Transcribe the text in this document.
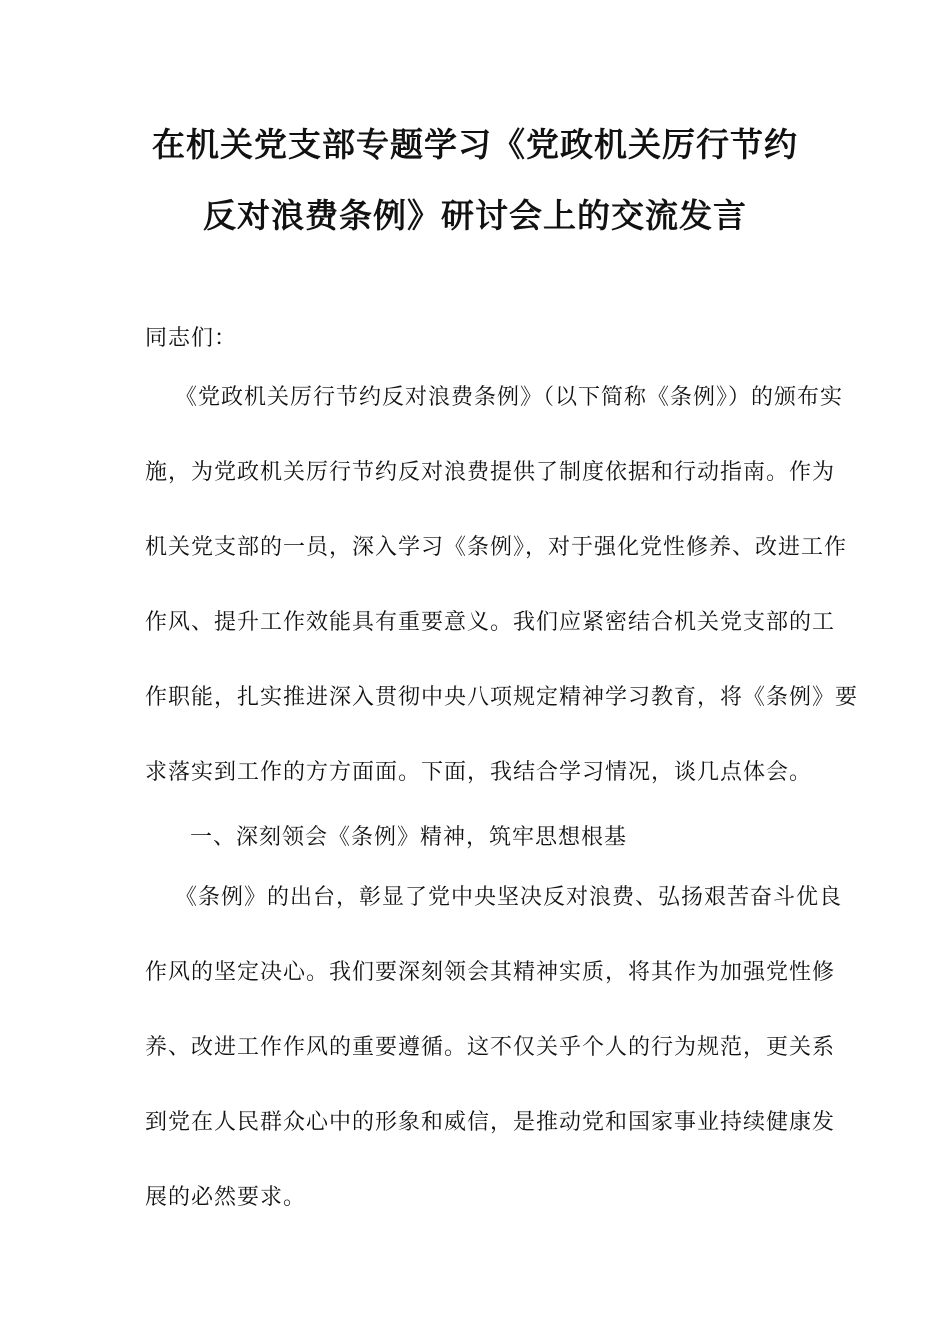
在机关党支部专题学习《党政机关厉行节约
反对浪费条例》研讨会上的交流发言
同志们：
《党政机关厉行节约反对浪费条例》（以下简称《条例》）的颁布实
施，为党政机关厉行节约反对浪费提供了制度依据和行动指南。作为
机关党支部的一员，深入学习《条例》，对于强化党性修养、改进工作
作风、提升工作效能具有重要意义。我们应紧密结合机关党支部的工
作职能，扎实推进深入贯彻中央八项规定精神学习教育，将《条例》要
求落实到工作的方方面面。下面，我结合学习情况，谈几点体会。
一、深刻领会《条例》精神，筑牢思想根基
《条例》的出台，彰显了党中央坚决反对浪费、弘扬艰苦奋斗优良
作风的坚定决心。我们要深刻领会其精神实质，将其作为加强党性修
养、改进工作作风的重要遵循。这不仅关乎个人的行为规范，更关系
到党在人民群众心中的形象和威信，是推动党和国家事业持续健康发
展的必然要求。
